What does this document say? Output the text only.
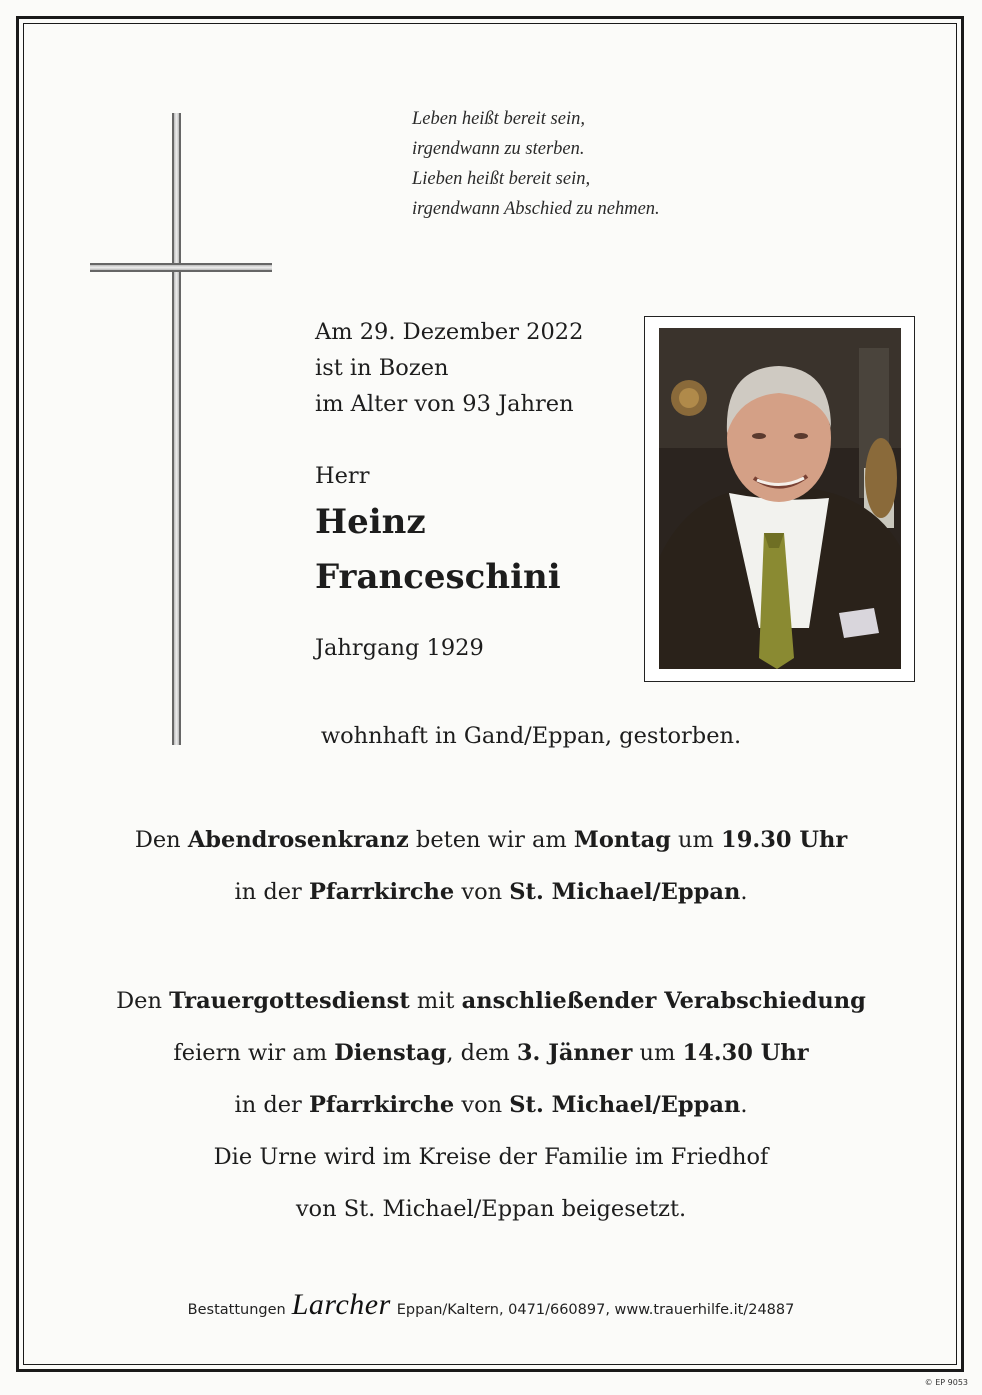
Leben heißt bereit sein,
irgendwann zu sterben.
Lieben heißt bereit sein,
irgendwann Abschied zu nehmen.
Am 29. Dezember 2022
ist in Bozen
im Alter von 93 Jahren
Herr
Heinz
Franceschini
Jahrgang 1929
wohnhaft in Gand/Eppan, gestorben.
Den Abendrosenkranz beten wir am Montag um 19.30 Uhr
in der Pfarrkirche von St. Michael/Eppan.
Den Trauergottesdienst mit anschließender Verabschiedung
feiern wir am Dienstag, dem 3. Jänner um 14.30 Uhr
in der Pfarrkirche von St. Michael/Eppan.
Die Urne wird im Kreise der Familie im Friedhof
von St. Michael/Eppan beigesetzt.
Bestattungen Larcher Eppan/Kaltern, 0471/660897, www.trauerhilfe.it/24887
© EP 9053
